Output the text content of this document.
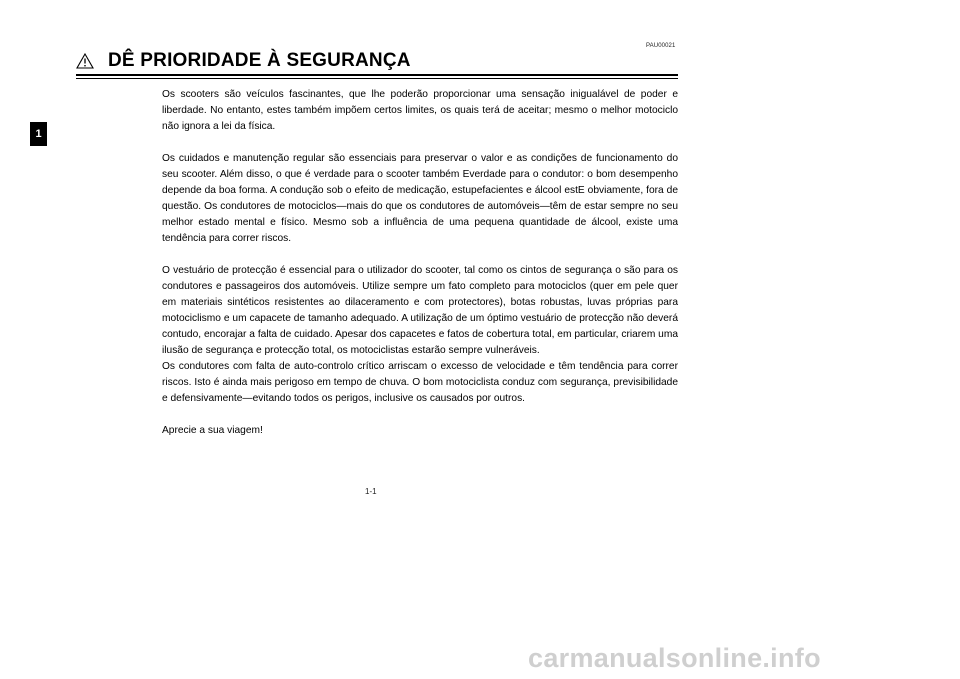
PAU00021
DÊ PRIORIDADE À SEGURANÇA
1

Os scooters são veículos fascinantes, que lhe poderão proporcionar uma sensação inigualável de poder e liberdade. No entanto, estes também impõem certos limites, os quais terá de aceitar; mesmo o melhor motociclo não ignora a lei da física.

Os cuidados e manutenção regular são essenciais para preservar o valor e as condições de funcionamento do seu scooter. Além disso, o que é verdade para o scooter também Everdade para o condutor: o bom desempenho depende da boa forma. A condução sob o efeito de medicação, estupefacientes e álcool estE obviamente, fora de questão. Os condutores de motociclos—mais do que os condutores de automóveis—têm de estar sempre no seu melhor estado mental e físico. Mesmo sob a influência de uma pequena quantidade de álcool, existe uma tendência para correr riscos.

O vestuário de protecção é essencial para o utilizador do scooter, tal como os cintos de segurança o são para os condutores e passageiros dos automóveis. Utilize sempre um fato completo para motociclos (quer em pele quer em materiais sintéticos resistentes ao dilaceramento e com protectores), botas robustas, luvas próprias para motociclismo e um capacete de tamanho adequado. A utilização de um óptimo vestuário de protecção não deverá contudo, encorajar a falta de cuidado. Apesar dos capacetes e fatos de cobertura total, em particular, criarem uma ilusão de segurança e protecção total, os motociclistas estarão sempre vulneráveis.

Os condutores com falta de auto-controlo crítico arriscam o excesso de velocidade e têm tendência para correr riscos. Isto é ainda mais perigoso em tempo de chuva. O bom motociclista conduz com segurança, previsibilidade e defensivamente—evitando todos os perigos, inclusive os causados por outros.

Aprecie a sua viagem!

1-1
carmanualsonline.info
